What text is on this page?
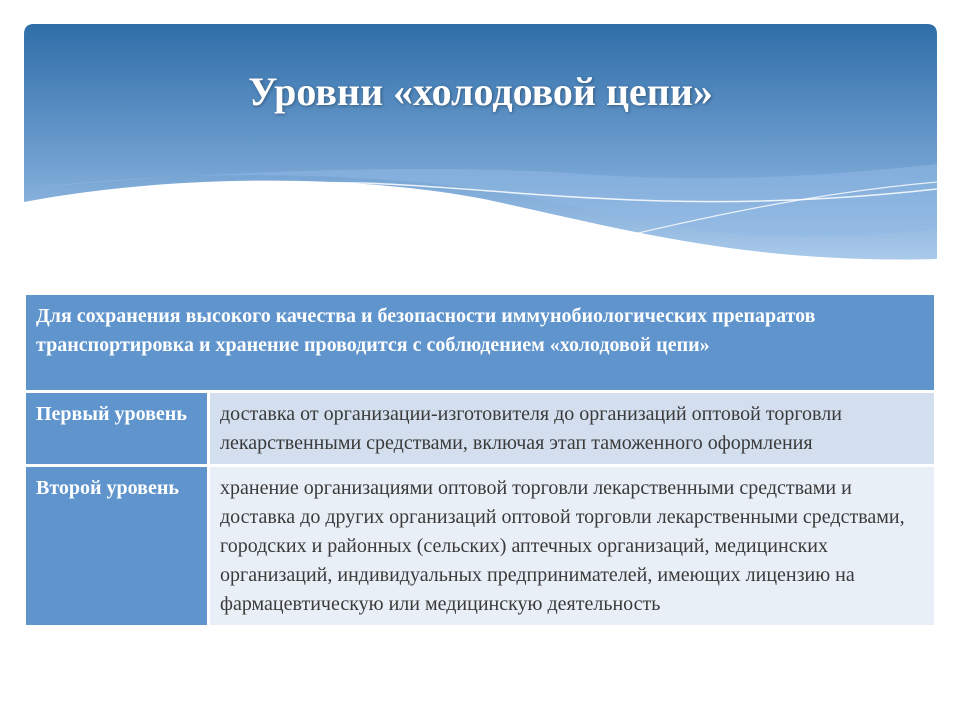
Уровни «холодовой цепи»
Для сохранения высокого качества и безопасности иммунобиологических препаратов транспортировка и хранение проводится с соблюдением «холодовой цепи»	
Первый уровень	доставка от организации-изготовителя до организаций оптовой торговли лекарственными средствами, включая этап таможенного оформления
Второй уровень	хранение организациями оптовой торговли лекарственными средствами и доставка до других организаций оптовой торговли лекарственными средствами, городских и районных (сельских) аптечных организаций, медицинских организаций, индивидуальных предпринимателей, имеющих лицензию на фармацевтическую или медицинскую деятельность
